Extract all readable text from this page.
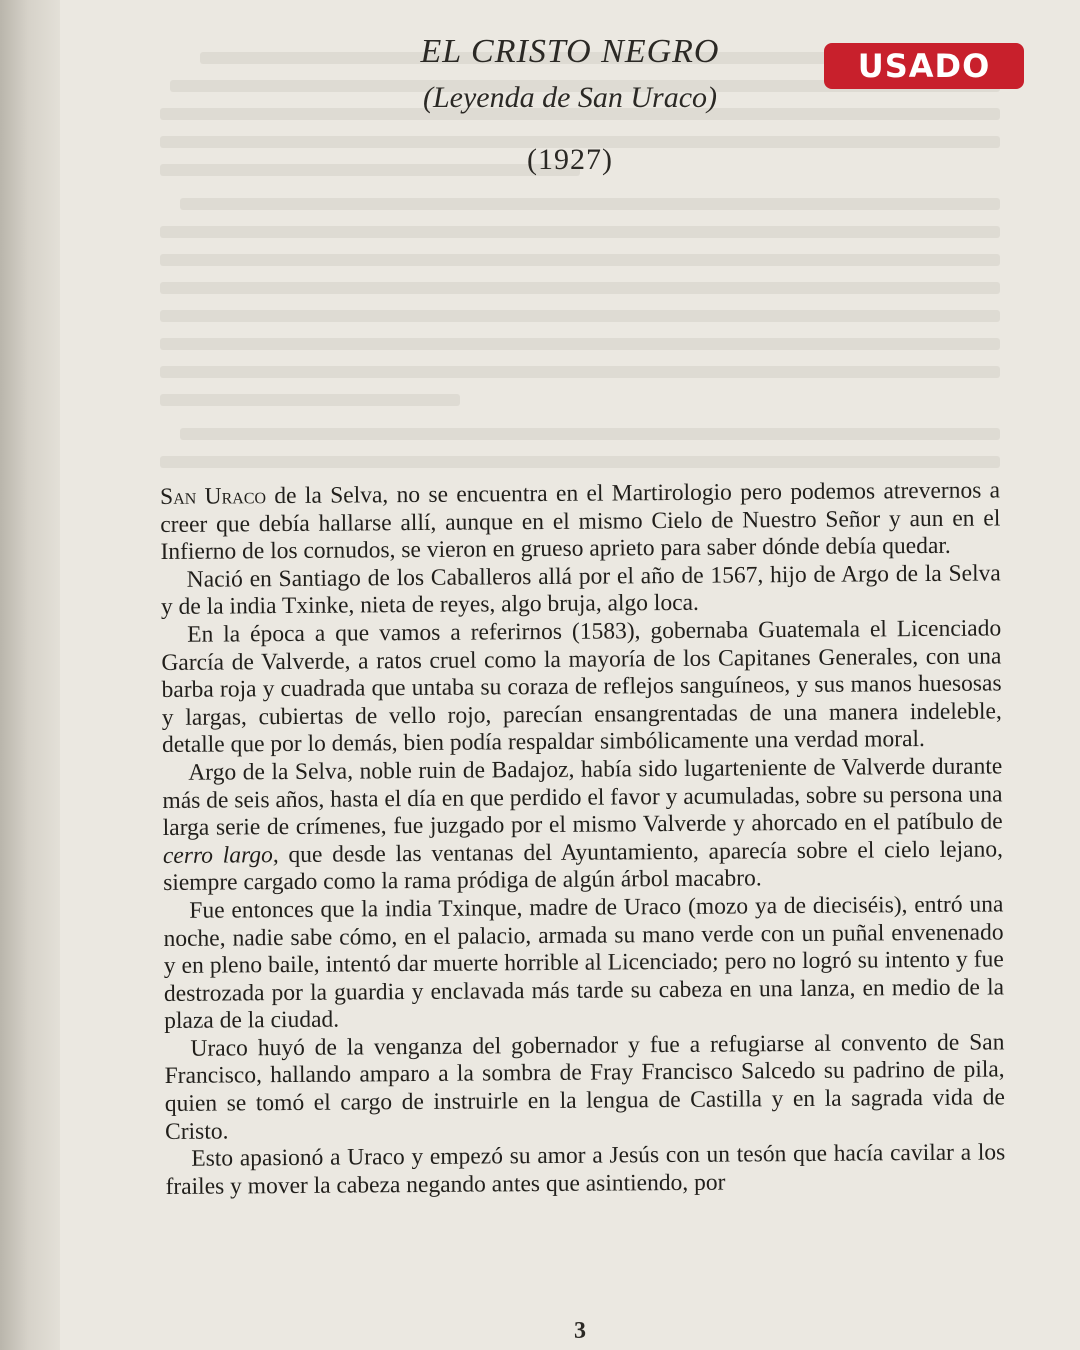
EL CRISTO NEGRO

(Leyenda de San Uraco)

(1927)

3
USADO

San Uraco de la Selva, no se encuentra en el Martirologio pero podemos atrevernos a creer que debía hallarse allí, aunque en el mismo Cielo de Nuestro Señor y aun en el Infierno de los cornudos, se vieron en grueso aprieto para saber dónde debía quedar.

Nació en Santiago de los Caballeros allá por el año de 1567, hijo de Argo de la Selva y de la india Txinke, nieta de reyes, algo bruja, algo loca.

En la época a que vamos a referirnos (1583), gobernaba Guatemala el Licenciado García de Valverde, a ratos cruel como la mayoría de los Capitanes Generales, con una barba roja y cuadrada que untaba su coraza de reflejos sanguíneos, y sus manos huesosas y largas, cubiertas de vello rojo, parecían ensangrentadas de una manera indeleble, detalle que por lo demás, bien podía respaldar simbólicamente una verdad moral.

Argo de la Selva, noble ruin de Badajoz, había sido lugarteniente de Valverde durante más de seis años, hasta el día en que perdido el favor y acumuladas, sobre su persona una larga serie de crímenes, fue juzgado por el mismo Valverde y ahorcado en el patíbulo de cerro largo, que desde las ventanas del Ayuntamiento, aparecía sobre el cielo lejano, siempre cargado como la rama pródiga de algún árbol macabro.

Fue entonces que la india Txinque, madre de Uraco (mozo ya de dieciséis), entró una noche, nadie sabe cómo, en el palacio, armada su mano verde con un puñal envenenado y en pleno baile, intentó dar muerte horrible al Licenciado; pero no logró su intento y fue destrozada por la guardia y enclavada más tarde su cabeza en una lanza, en medio de la plaza de la ciudad.

Uraco huyó de la venganza del gobernador y fue a refugiarse al convento de San Francisco, hallando amparo a la sombra de Fray Francisco Salcedo su padrino de pila, quien se tomó el cargo de instruirle en la lengua de Castilla y en la sagrada vida de Cristo.

Esto apasionó a Uraco y empezó su amor a Jesús con un tesón que hacía cavilar a los frailes y mover la cabeza negando antes que asintiendo, por
